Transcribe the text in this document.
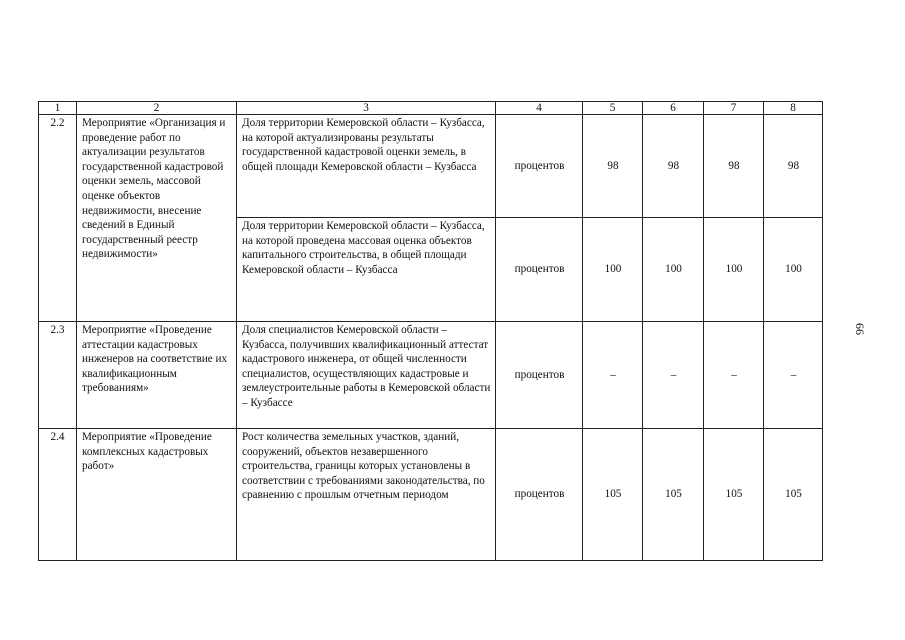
1	2	3	4	5	6	7	8
2.2	Мероприятие «Организация и проведение работ по актуализации результатов государственной кадастровой оценки земель, массовой оценке объектов недвижимости, внесение сведений в Единый государственный реестр недвижимости»	Доля территории Кемеровской области – Кузбасса, на которой актуализированы результаты государственной кадастровой оценки земель, в общей площади Кемеровской области – Кузбасса	процентов	98	98	98	98
		Доля территории Кемеровской области – Кузбасса, на которой проведена массовая оценка объектов капитального строительства, в общей площади Кемеровской области – Кузбасса	процентов	100	100	100	100
2.3	Мероприятие «Проведение аттестации кадастровых инженеров на соответствие их квалификационным требованиям»	Доля специалистов Кемеровской области – Кузбасса, получивших квалификационный аттестат кадастрового инженера, от общей численности специалистов, осуществляющих кадастровые и землеустроительные работы в Кемеровской области – Кузбассе	процентов	–	–	–	–
2.4	Мероприятие «Проведение комплексных кадастровых работ»	Рост количества земельных участков, зданий, сооружений, объектов незавершенного строительства, границы которых установлены в соответствии с требованиями законодательства, по сравнению с прошлым отчетным периодом	процентов	105	105	105	105
66
